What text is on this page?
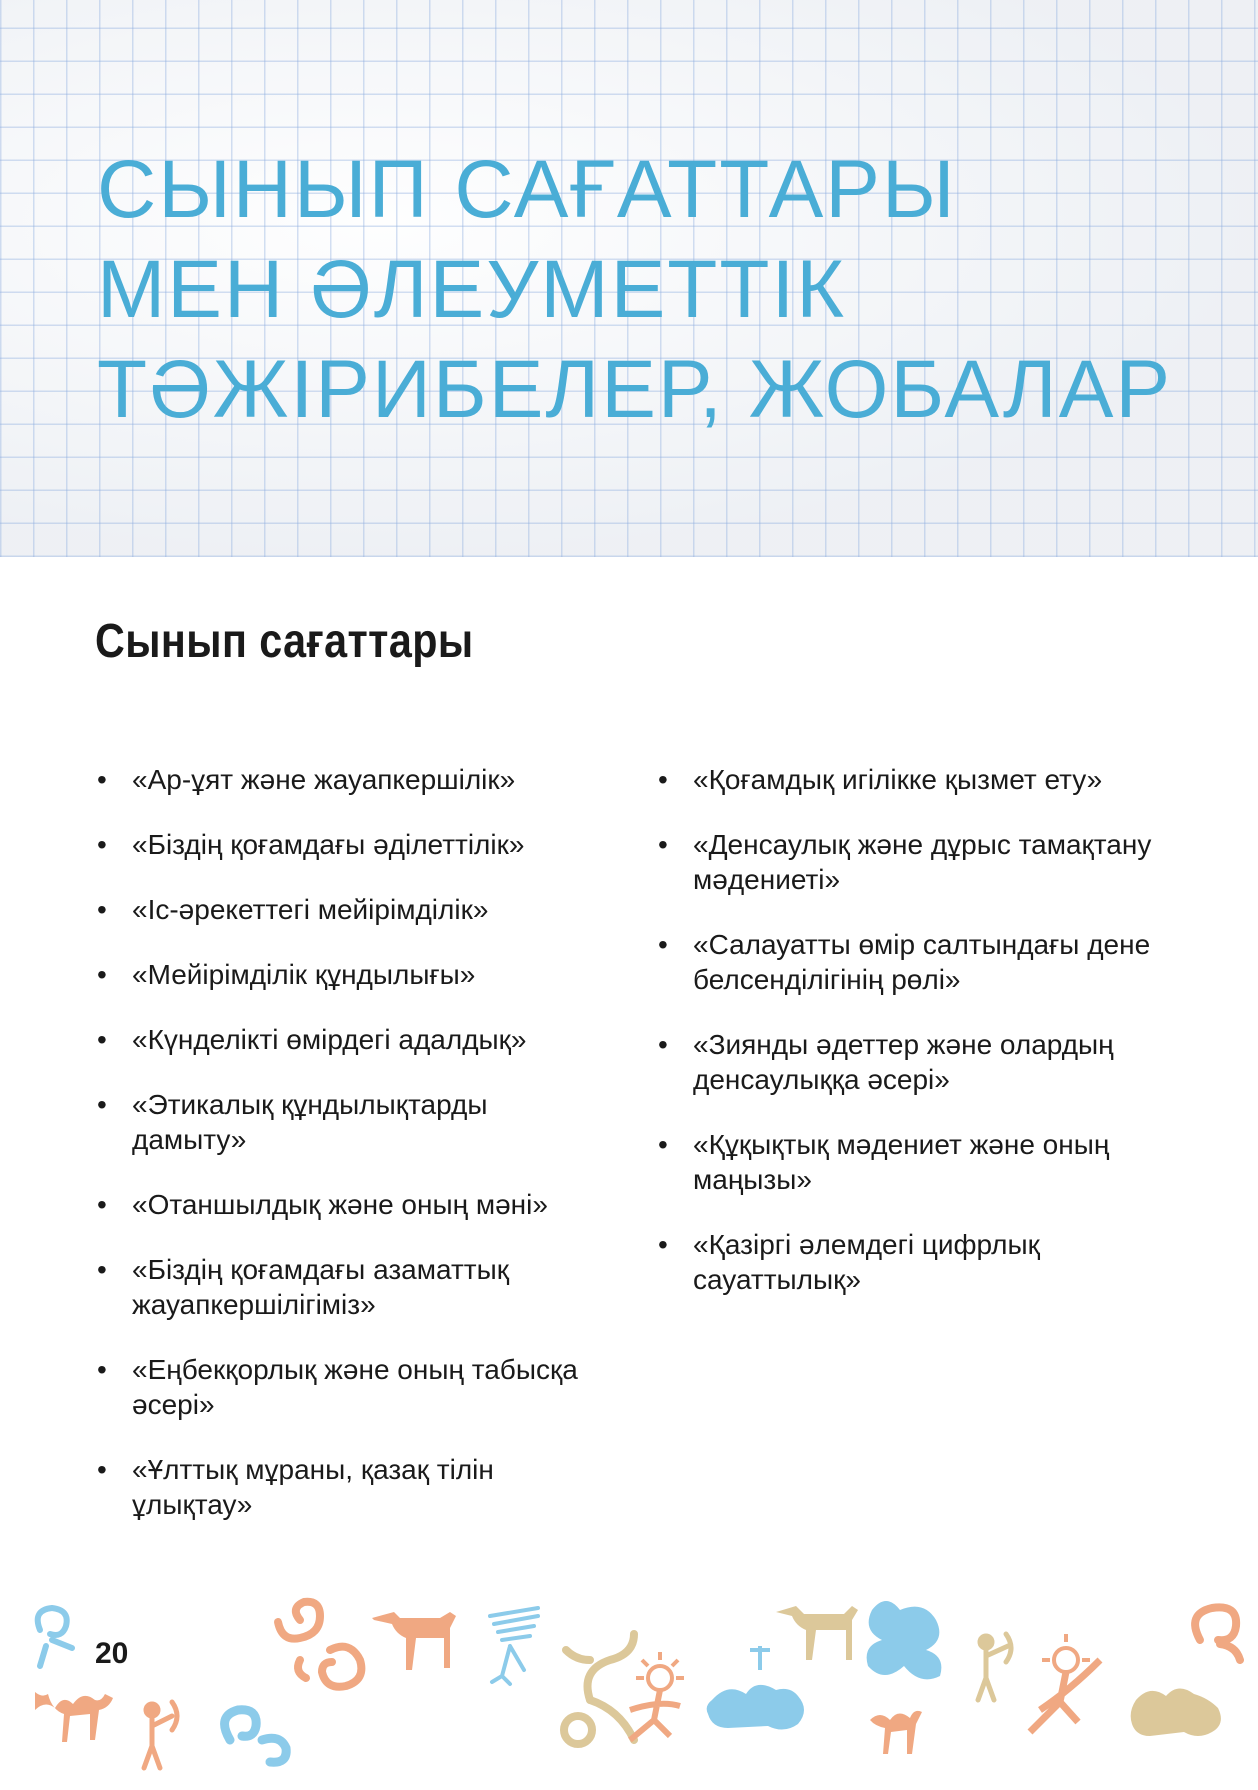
СЫНЫП САҒАТТАРЫ
МЕН ӘЛЕУМЕТТІК
ТӘЖІРИБЕЛЕР, ЖОБАЛАР
Сынып сағаттары
• «Ар-ұят және жауапкершілік»
• «Біздің қоғамдағы әділеттілік»
• «Іс-әрекеттегі мейірімділік»
• «Мейірімділік құндылығы»
• «Күнделікті өмірдегі адалдық»
• «Этикалық құндылықтарды дамыту»
• «Отаншылдық және оның мәні»
• «Біздің қоғамдағы азаматтық жауапкершілігіміз»
• «Еңбекқорлық және оның табысқа әсері»
• «Ұлттық мұраны, қазақ тілін ұлықтау»
• «Қоғамдық игілікке қызмет ету»
• «Денсаулық және дұрыс тамақтану мәдениеті»
• «Салауатты өмір салтындағы дене белсенділігінің рөлі»
• «Зиянды әдеттер және олардың денсаулыққа әсері»
• «Құқықтық мәдениет және оның маңызы»
• «Қазіргі әлемдегі цифрлық сауаттылық»
20
